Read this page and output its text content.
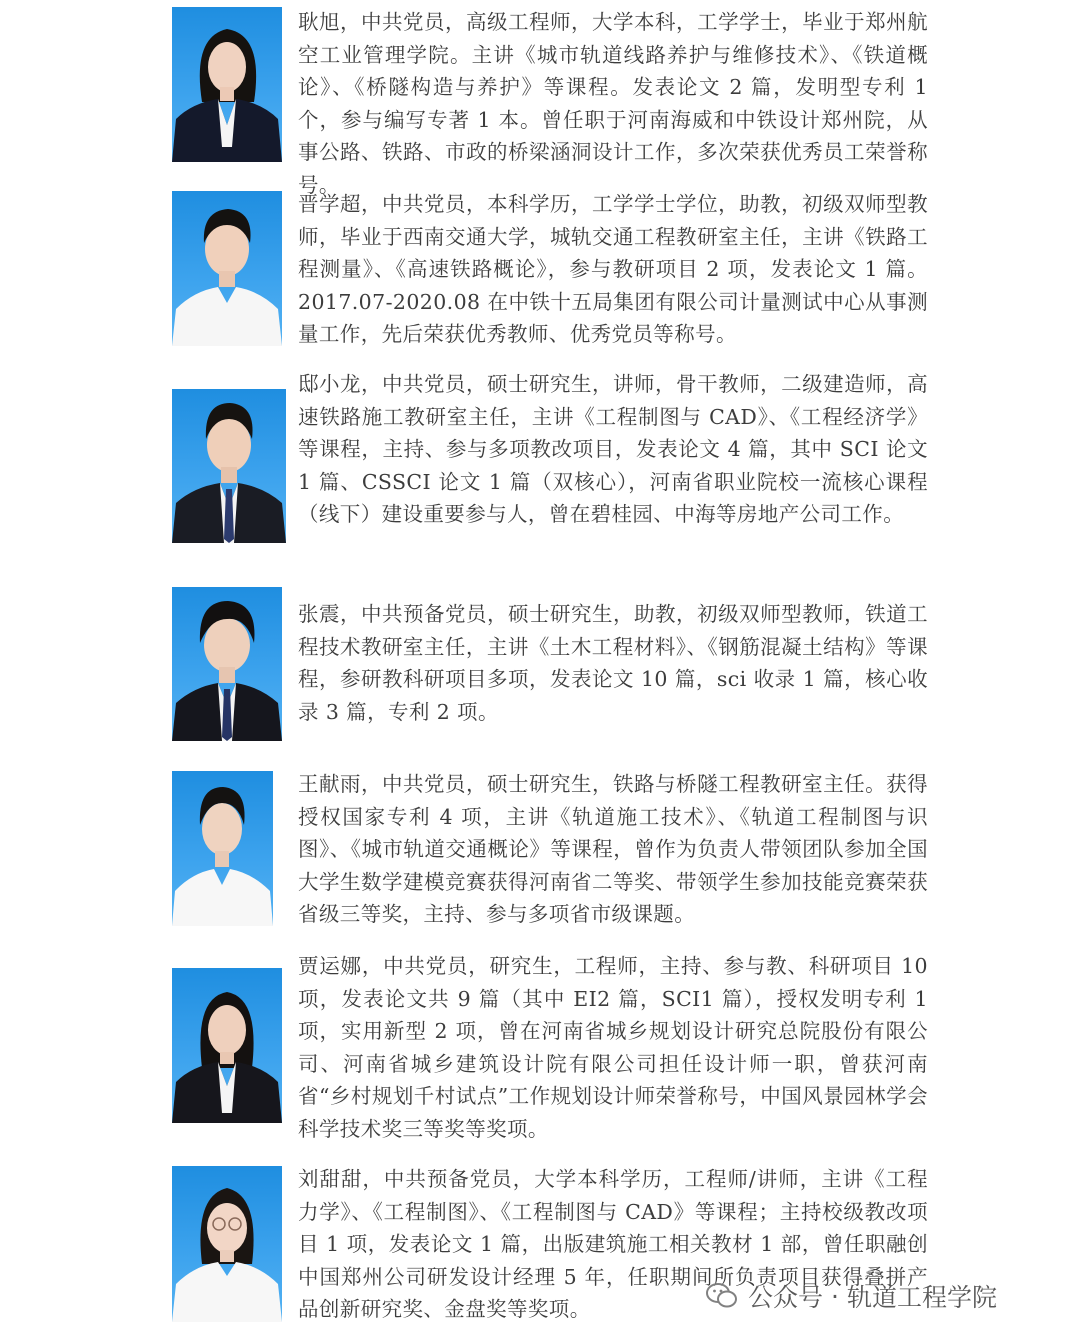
耿旭，中共党员，高级工程师，大学本科，工学学士，毕业于郑州航空工业管理学院。主讲《城市轨道线路养护与维修技术》、《铁道概论》、《桥隧构造与养护》等课程。发表论文 2 篇，发明型专利 1 个，参与编写专著 1 本。曾任职于河南海威和中铁设计郑州院，从事公路、铁路、市政的桥梁涵洞设计工作，多次荣获优秀员工荣誉称号。

晋学超，中共党员，本科学历，工学学士学位，助教，初级双师型教师，毕业于西南交通大学，城轨交通工程教研室主任，主讲《铁路工程测量》、《高速铁路概论》，参与教研项目 2 项，发表论文 1 篇。2017.07-2020.08 在中铁十五局集团有限公司计量测试中心从事测量工作，先后荣获优秀教师、优秀党员等称号。

邸小龙，中共党员，硕士研究生，讲师，骨干教师，二级建造师，高速铁路施工教研室主任，主讲《工程制图与 CAD》、《工程经济学》等课程，主持、参与多项教改项目，发表论文 4 篇，其中 SCI 论文 1 篇、CSSCI 论文 1 篇（双核心），河南省职业院校一流核心课程（线下）建设重要参与人，曾在碧桂园、中海等房地产公司工作。

张震，中共预备党员，硕士研究生，助教，初级双师型教师，铁道工程技术教研室主任，主讲《土木工程材料》、《钢筋混凝土结构》等课程，参研教科研项目多项，发表论文 10 篇，sci 收录 1 篇，核心收录 3 篇，专利 2 项。

王献雨，中共党员，硕士研究生，铁路与桥隧工程教研室主任。获得授权国家专利 4 项，主讲《轨道施工技术》、《轨道工程制图与识图》、《城市轨道交通概论》等课程，曾作为负责人带领团队参加全国大学生数学建模竞赛获得河南省二等奖、带领学生参加技能竞赛荣获省级三等奖，主持、参与多项省市级课题。

贾运娜，中共党员，研究生，工程师，主持、参与教、科研项目 10 项，发表论文共 9 篇（其中 EI2 篇，SCI1 篇），授权发明专利 1 项，实用新型 2 项，曾在河南省城乡规划设计研究总院股份有限公司、河南省城乡建筑设计院有限公司担任设计师一职，曾获河南省“乡村规划千村试点”工作规划设计师荣誉称号，中国风景园林学会科学技术奖三等奖等奖项。

刘甜甜，中共预备党员，大学本科学历，工程师/讲师，主讲《工程力学》、《工程制图》、《工程制图与 CAD》等课程；主持校级教改项目 1 项，发表论文 1 篇，出版建筑施工相关教材 1 部，曾任职融创中国郑州公司研发设计经理 5 年，任职期间所负责项目获得叠拼产品创新研究奖、金盘奖等奖项。	公众号 · 轨道工程学院
